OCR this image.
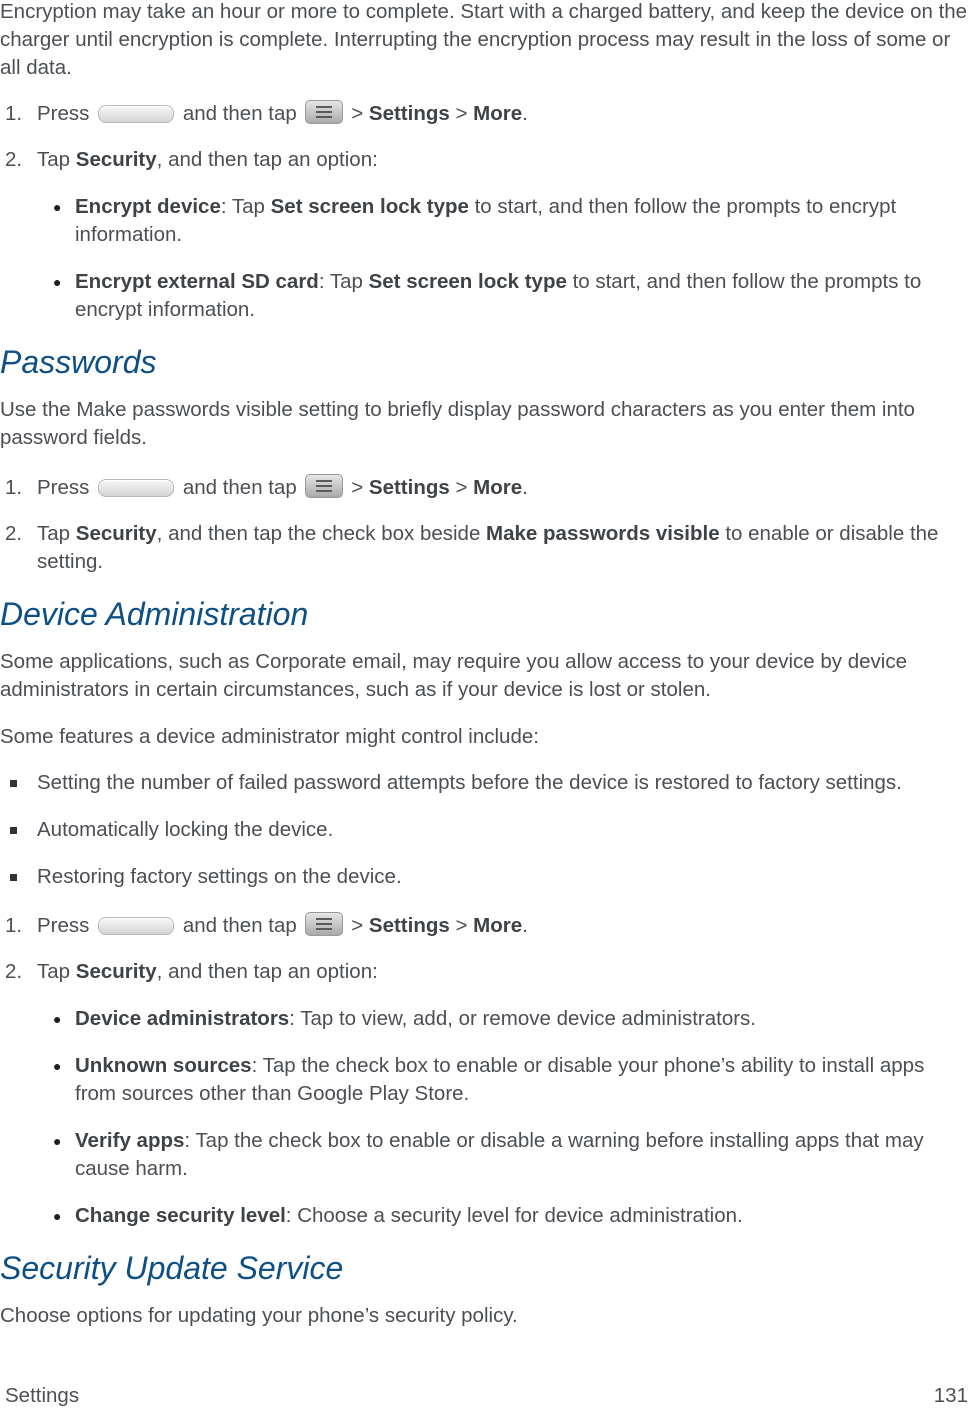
Encryption may take an hour or more to complete. Start with a charged battery, and keep the device on the charger until encryption is complete. Interrupting the encryption process may result in the loss of some or all data.

1. Press	and then tap	> Settings > More.
2. Tap Security, and then tap an option:
● Encrypt device: Tap Set screen lock type to start, and then follow the prompts to encrypt information.
● Encrypt external SD card: Tap Set screen lock type to start, and then follow the prompts to encrypt information.
Passwords

Use the Make passwords visible setting to briefly display password characters as you enter them into password fields.

1. Press	and then tap	> Settings > More.
2. Tap Security, and then tap the check box beside Make passwords visible to enable or disable the setting.
Device Administration

Some applications, such as Corporate email, may require you allow access to your device by device administrators in certain circumstances, such as if your device is lost or stolen.

Some features a device administrator might control include:

Setting the number of failed password attempts before the device is restored to factory settings.
Automatically locking the device.
Restoring factory settings on the device.
1. Press	and then tap	> Settings > More.
2. Tap Security, and then tap an option:
● Device administrators: Tap to view, add, or remove device administrators.
● Unknown sources: Tap the check box to enable or disable your phone’s ability to install apps from sources other than Google Play Store.
● Verify apps: Tap the check box to enable or disable a warning before installing apps that may cause harm.
● Change security level: Choose a security level for device administration.
Security Update Service

Choose options for updating your phone’s security policy.

Settings	131
